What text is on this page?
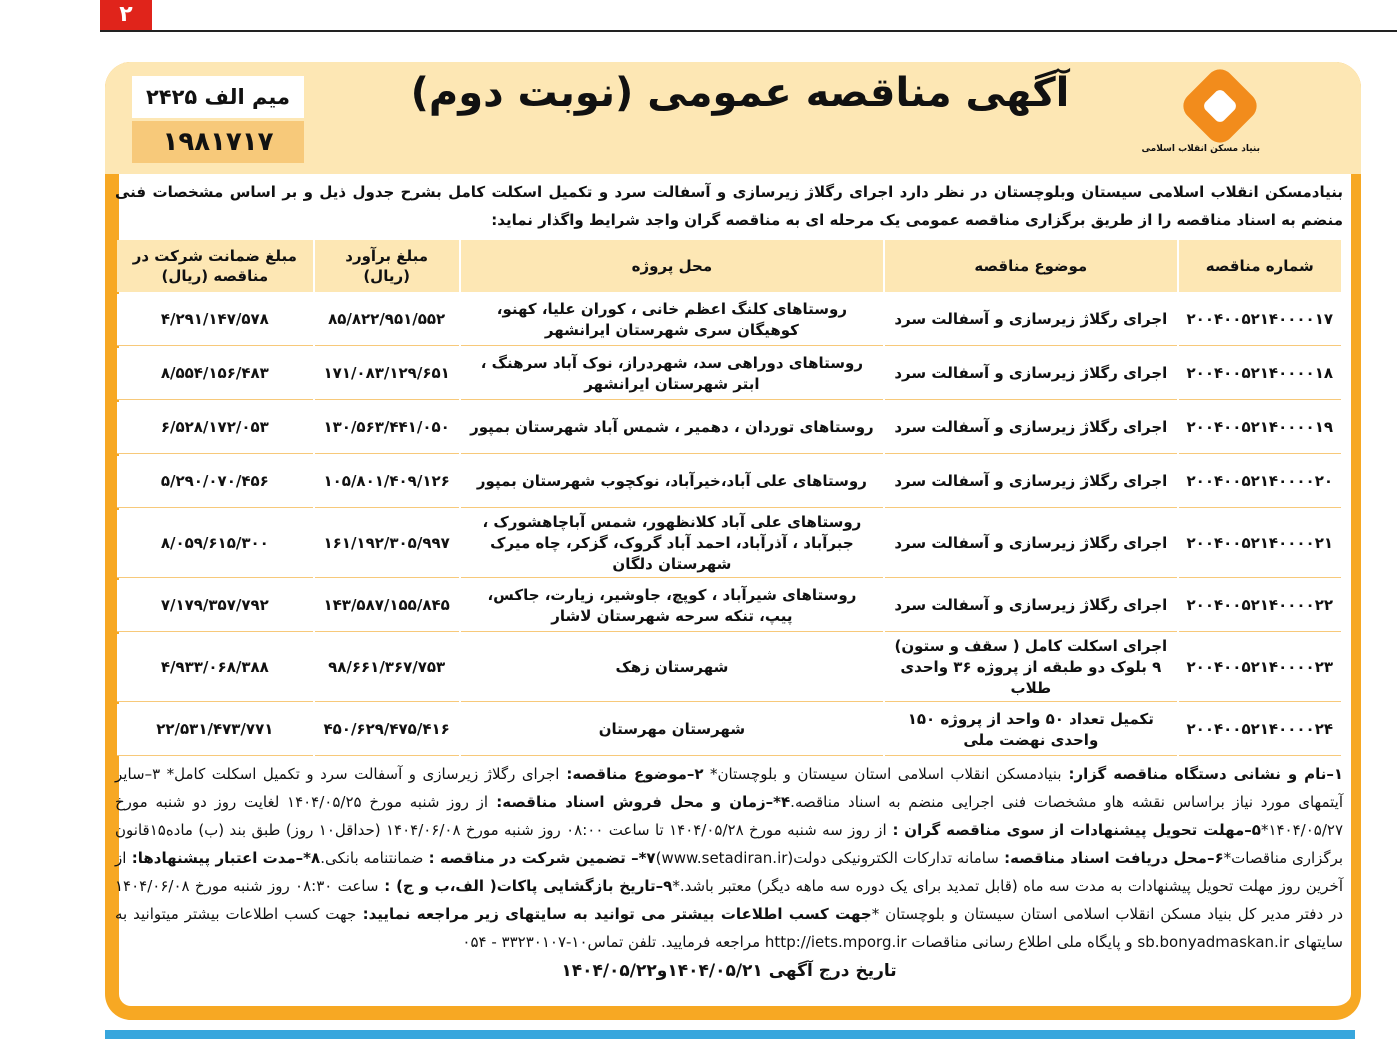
۲
آگهی مناقصه عمومی (نوبت دوم)
میم الف ۲۴۲۵
۱۹۸۱۷۱۷	بنیاد مسکن انقلاب اسلامی
بنیادمسکن انقلاب اسلامی سیستان وبلوچستان در نظر دارد اجرای رگلاژ زیرسازی و آسفالت سرد و تکمیل اسکلت کامل بشرح جدول ذیل و بر اساس مشخصات فنی منضم به اسناد مناقصه را از طریق برگزاری مناقصه عمومی یک مرحله ای به مناقصه گران واجد شرایط واگذار نماید:
شماره مناقصه	موضوع مناقصه	محل پروژه	مبلغ برآورد (ریال)	مبلغ ضمانت شرکت در مناقصه (ریال)
۲۰۰۴۰۰۵۲۱۴۰۰۰۰۱۷	اجرای رگلاژ زیرسازی و آسفالت سرد	روستاهای کلنگ اعظم خانی ، کوران علیا، کهنو، کوهیگان سری شهرستان ایرانشهر	۸۵/۸۲۲/۹۵۱/۵۵۲	۴/۲۹۱/۱۴۷/۵۷۸
۲۰۰۴۰۰۵۲۱۴۰۰۰۰۱۸	اجرای رگلاژ زیرسازی و آسفالت سرد	روستاهای دوراهی سد، شهردراز، نوک آباد سرهنگ ، ابتر شهرستان ایرانشهر	۱۷۱/۰۸۳/۱۲۹/۶۵۱	۸/۵۵۴/۱۵۶/۴۸۳
۲۰۰۴۰۰۵۲۱۴۰۰۰۰۱۹	اجرای رگلاژ زیرسازی و آسفالت سرد	روستاهای توردان ، دهمیر ، شمس آباد شهرستان بمپور	۱۳۰/۵۶۳/۴۴۱/۰۵۰	۶/۵۲۸/۱۷۲/۰۵۳
۲۰۰۴۰۰۵۲۱۴۰۰۰۰۲۰	اجرای رگلاژ زیرسازی و آسفالت سرد	روستاهای علی آباد،خیرآباد، نوکچوب شهرستان بمپور	۱۰۵/۸۰۱/۴۰۹/۱۲۶	۵/۲۹۰/۰۷۰/۴۵۶
۲۰۰۴۰۰۵۲۱۴۰۰۰۰۲۱	اجرای رگلاژ زیرسازی و آسفالت سرد	روستاهای علی آباد کلانظهور، شمس آباچاهشورک ، جبرآباد ، آذرآباد، احمد آباد گروک، گزکر، چاه میرک شهرستان دلگان	۱۶۱/۱۹۲/۳۰۵/۹۹۷	۸/۰۵۹/۶۱۵/۳۰۰
۲۰۰۴۰۰۵۲۱۴۰۰۰۰۲۲	اجرای رگلاژ زیرسازی و آسفالت سرد	روستاهای شیرآباد ، کوپچ، جاوشیر، زیارت، جاکس، پیپ، تنکه سرحه شهرستان لاشار	۱۴۳/۵۸۷/۱۵۵/۸۴۵	۷/۱۷۹/۳۵۷/۷۹۲
۲۰۰۴۰۰۵۲۱۴۰۰۰۰۲۳	اجرای اسکلت کامل ( سقف و ستون) ۹ بلوک دو طبقه از پروژه ۳۶ واحدی طلاب	شهرستان زهک	۹۸/۶۶۱/۳۶۷/۷۵۳	۴/۹۳۳/۰۶۸/۳۸۸
۲۰۰۴۰۰۵۲۱۴۰۰۰۰۲۴	تکمیل تعداد ۵۰ واحد از پروژه ۱۵۰ واحدی نهضت ملی	شهرستان مهرستان	۴۵۰/۶۲۹/۴۷۵/۴۱۶	۲۲/۵۳۱/۴۷۳/۷۷۱
۱–نام و نشانی دستگاه مناقصه گزار: بنیادمسکن انقلاب اسلامی استان سیستان و بلوچستان* ۲–موضوع مناقصه: اجرای رگلاژ زیرسازی و آسفالت سرد و تکمیل اسکلت کامل* ۳–سایر آیتمهای مورد نیاز براساس نقشه هاو مشخصات فنی اجرایی منضم به اسناد مناقصه.۴*–زمان و محل فروش اسناد مناقصه: از روز شنبه مورخ ۱۴۰۴/۰۵/۲۵ لغایت روز دو شنبه مورخ ۱۴۰۴/۰۵/۲۷*۵–مهلت تحویل پیشنهادات از سوی مناقصه گران : از روز سه شنبه مورخ ۱۴۰۴/۰۵/۲۸ تا ساعت ۰۸:۰۰ روز شنبه مورخ ۱۴۰۴/۰۶/۰۸ (حداقل۱۰ روز) طبق بند (ب) ماده۱۵قانون برگزاری مناقصات*۶–محل دریافت اسناد مناقصه: سامانه تدارکات الکترونیکی دولت(www.setadiran.ir)۷*– تضمین شرکت در مناقصه : ضمانتنامه بانکی.۸*–مدت اعتبار پیشنهادها: از آخرین روز مهلت تحویل پیشنهادات به مدت سه ماه (قابل تمدید برای یک دوره سه ماهه دیگر) معتبر باشد.*۹–تاریخ بازگشایی پاکات( الف،ب و ج) : ساعت ۰۸:۳۰ روز شنبه مورخ ۱۴۰۴/۰۶/۰۸ در دفتر مدیر کل بنیاد مسکن انقلاب اسلامی استان سیستان و بلوچستان *جهت کسب اطلاعات بیشتر می توانید به سایتهای زیر مراجعه نمایید: جهت کسب اطلاعات بیشتر میتوانید به سایتهای sb.bonyadmaskan.ir و پایگاه ملی اطلاع رسانی مناقصات http://iets.mporg.ir مراجعه فرمایید. تلفن تماس۱۰-۳۳۲۳۰۱۰۷ - ۰۵۴
تاریخ درج آگهی ۱۴۰۴/۰۵/۲۱و۱۴۰۴/۰۵/۲۲
